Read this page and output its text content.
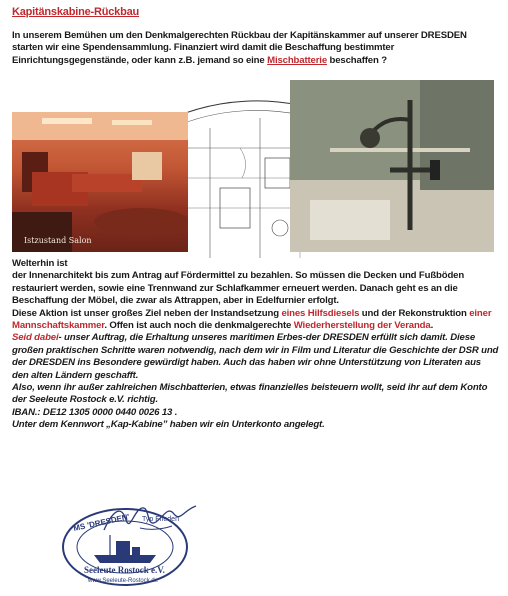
Kapitänskabine-Rückbau
In unserem Bemühen um den Denkmalgerechten Rückbau der Kapitänskammer auf unserer DRESDEN starten wir eine Spendensammlung. Finanziert wird damit die Beschaffung bestimmter Einrichtungsgegenstände, oder kann z.B. jemand so eine Mischbatterie beschaffen ?
Istzustand Salon
Welterhin ist
der Innenarchitekt bis zum Antrag auf Fördermittel zu bezahlen. So müssen die Decken und Fußböden restauriert werden, sowie eine Trennwand zur Schlafkammer erneuert werden. Danach geht es an die Beschaffung der Möbel, die zwar als Attrappen, aber in Edelfurnier erfolgt.
Diese Aktion ist unser großes Ziel neben der Instandsetzung eines Hilfsdiesels und der Rekonstruktion einer Mannschaftskammer. Offen ist auch noch die denkmalgerechte Wiederherstellung der Veranda.
Seid dabei- unser Auftrag, die Erhaltung unseres maritimen Erbes-der DRESDEN erfüllt sich damit. Diese großen praktischen Schritte waren notwendig, nach dem wir in Film und Literatur die Geschichte der DSR und der DRESDEN ins Besondere gewürdigt haben. Auch das haben wir ohne Unterstützung von Literaten aus den alten Ländern geschafft.
Also, wenn ihr außer zahlreichen Mischbatterien, etwas finanzielles beisteuern wollt, seid ihr auf dem Konto der Seeleute Rostock e.V. richtig.
IBAN.: DE12 1305 0000 0440 0026 13 .
Unter dem Kennwort „Kap-Kabine” haben wir ein Unterkonto angelegt.
MS 'DRESDEN' Typ Frieden
Seeleute Rostock e.V.
www.Seeleute-Rostock.de
